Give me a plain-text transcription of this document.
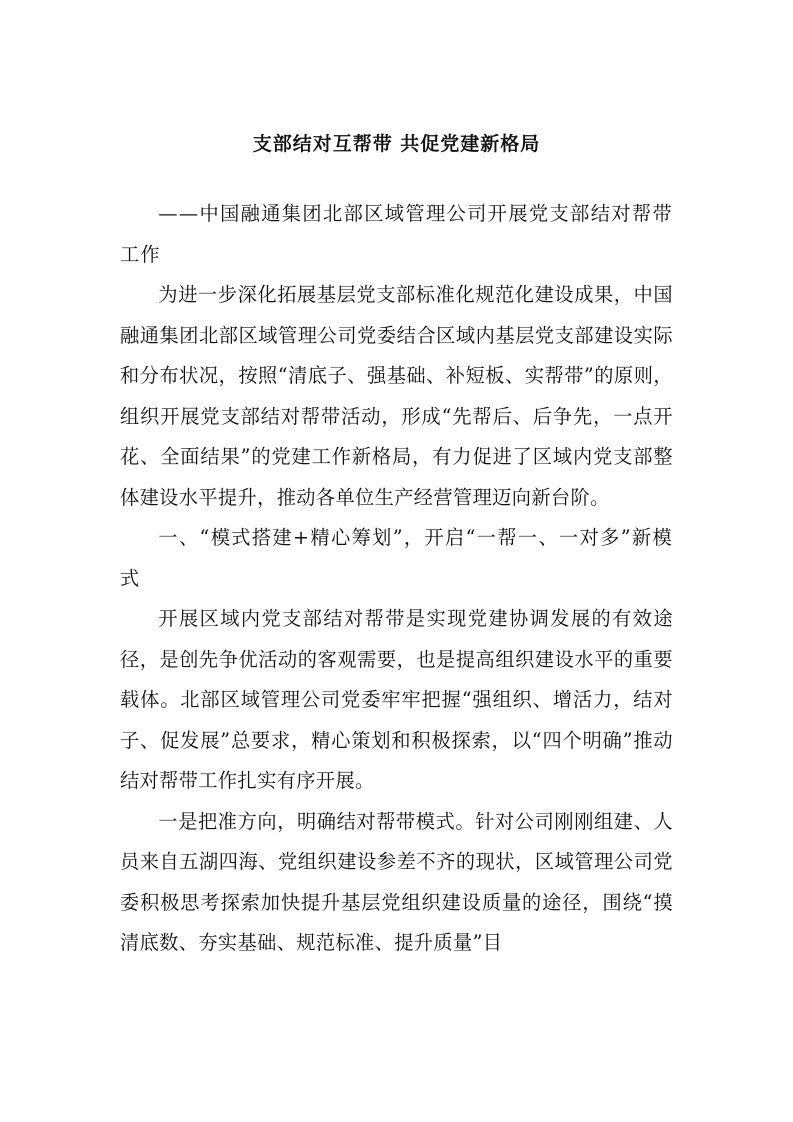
支部结对互帮带 共促党建新格局

——中国融通集团北部区域管理公司开展党支部结对帮带工作

为进一步深化拓展基层党支部标准化规范化建设成果，中国融通集团北部区域管理公司党委结合区域内基层党支部建设实际和分布状况，按照“清底子、强基础、补短板、实帮带”的原则，组织开展党支部结对帮带活动，形成“先帮后、后争先，一点开花、全面结果”的党建工作新格局，有力促进了区域内党支部整体建设水平提升，推动各单位生产经营管理迈向新台阶。

一、“模式搭建+精心筹划”，开启“一帮一、一对多”新模式

开展区域内党支部结对帮带是实现党建协调发展的有效途径，是创先争优活动的客观需要，也是提高组织建设水平的重要载体。北部区域管理公司党委牢牢把握“强组织、增活力，结对子、促发展”总要求，精心策划和积极探索，以“四个明确”推动结对帮带工作扎实有序开展。

一是把准方向，明确结对帮带模式。针对公司刚刚组建、人员来自五湖四海、党组织建设参差不齐的现状，区域管理公司党委积极思考探索加快提升基层党组织建设质量的途径，围绕“摸清底数、夯实基础、规范标准、提升质量”目
